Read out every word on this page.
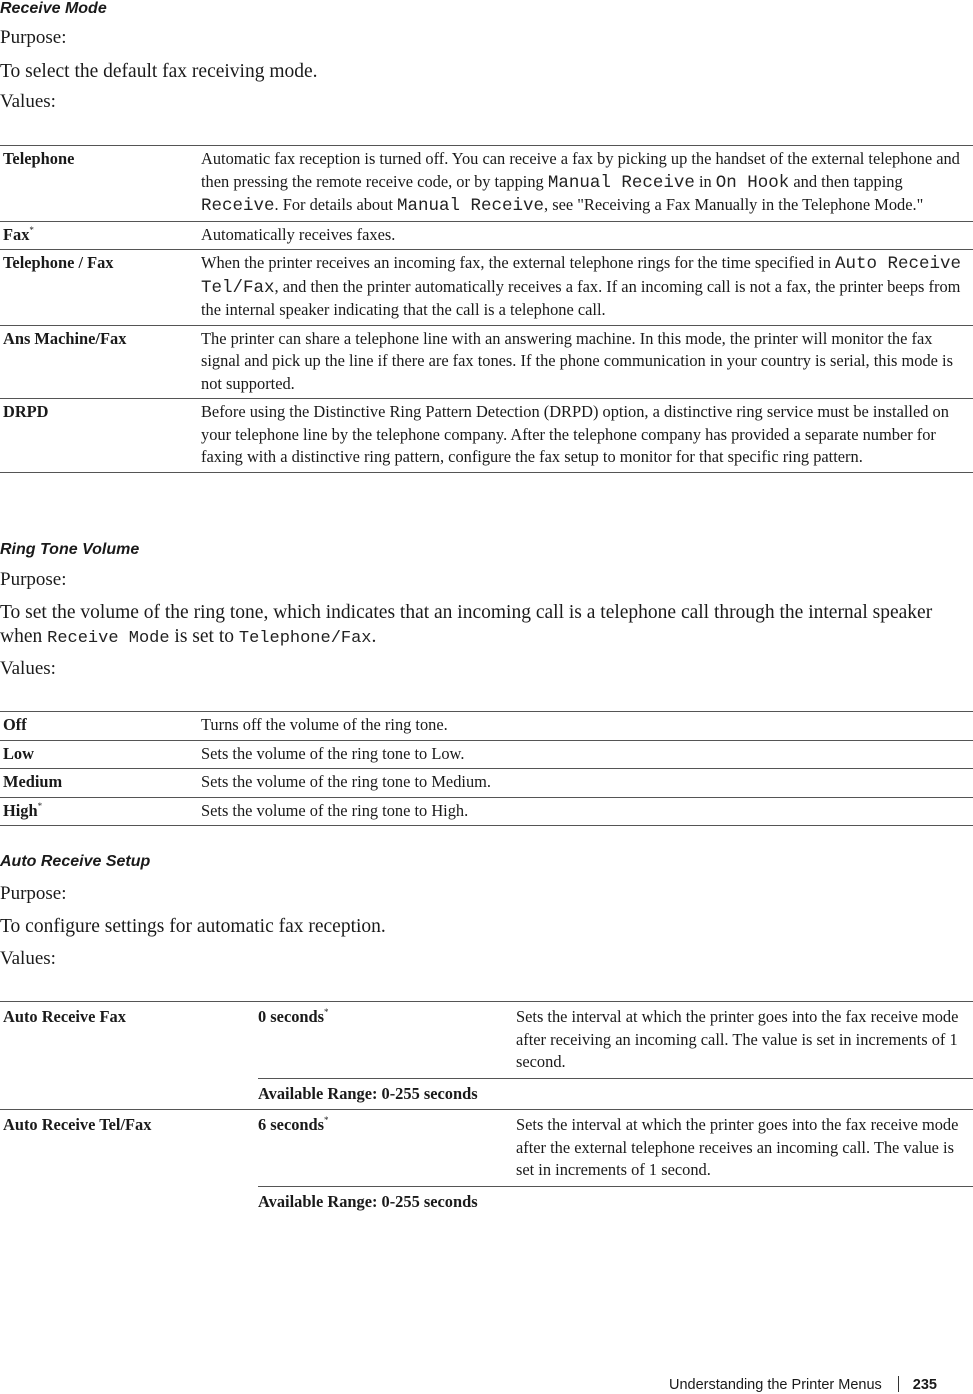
Receive Mode
Purpose:
To select the default fax receiving mode.
Values:
Telephone	Automatic fax reception is turned off. You can receive a fax by picking up the handset of the external telephone and then pressing the remote receive code, or by tapping Manual Receive in On Hook and then tapping Receive. For details about Manual Receive, see "Receiving a Fax Manually in the Telephone Mode."
Fax*	Automatically receives faxes.
Telephone / Fax	When the printer receives an incoming fax, the external telephone rings for the time specified in Auto Receive Tel/Fax, and then the printer automatically receives a fax. If an incoming call is not a fax, the printer beeps from the internal speaker indicating that the call is a telephone call.
Ans Machine/Fax	The printer can share a telephone line with an answering machine. In this mode, the printer will monitor the fax signal and pick up the line if there are fax tones. If the phone communication in your country is serial, this mode is not supported.
DRPD	Before using the Distinctive Ring Pattern Detection (DRPD) option, a distinctive ring service must be installed on your telephone line by the telephone company. After the telephone company has provided a separate number for faxing with a distinctive ring pattern, configure the fax setup to monitor for that specific ring pattern.
Ring Tone Volume
Purpose:
To set the volume of the ring tone, which indicates that an incoming call is a telephone call through the internal speaker when Receive Mode is set to Telephone/Fax.
Values:
Off	Turns off the volume of the ring tone.
Low	Sets the volume of the ring tone to Low.
Medium	Sets the volume of the ring tone to Medium.
High*	Sets the volume of the ring tone to High.
Auto Receive Setup
Purpose:
To configure settings for automatic fax reception.
Values:
Auto Receive Fax	0 seconds*	Sets the interval at which the printer goes into the fax receive mode after receiving an incoming call. The value is set in increments of 1 second.
	Available Range: 0-255 seconds	
Auto Receive Tel/Fax	6 seconds*	Sets the interval at which the printer goes into the fax receive mode after the external telephone receives an incoming call. The value is set in increments of 1 second.
	Available Range: 0-255 seconds	
Understanding the Printer Menus 235
